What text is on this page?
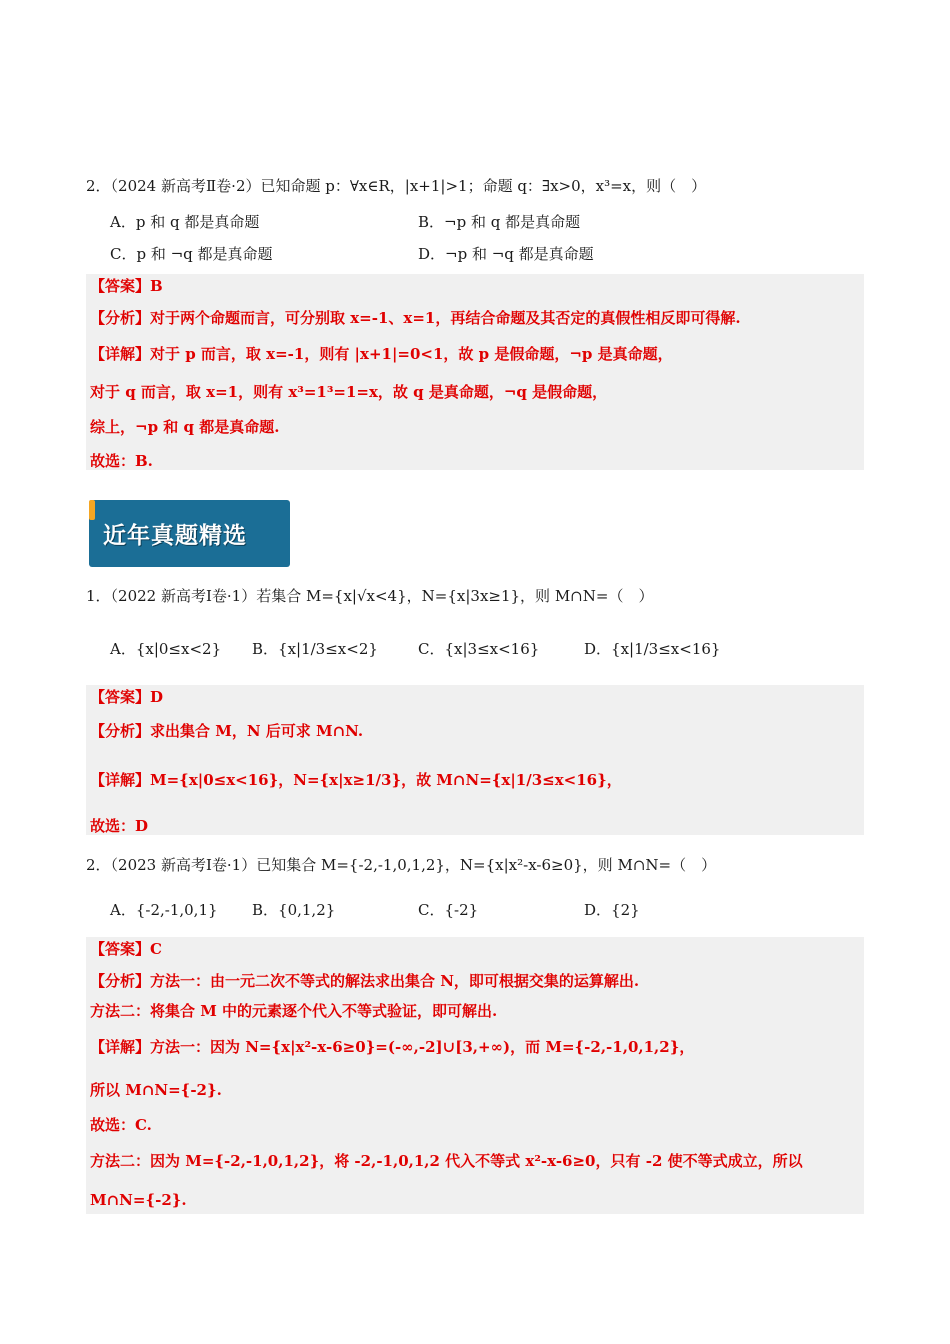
2．（2024 新高考Ⅱ卷·2）已知命题 p：∀x∈R，|x+1|>1；命题 q：∃x>0，x³=x，则（　）
A．p 和 q 都是真命题	B．¬p 和 q 都是真命题
C．p 和 ¬q 都是真命题	D．¬p 和 ¬q 都是真命题
【答案】B
【分析】对于两个命题而言，可分别取 x=-1、x=1，再结合命题及其否定的真假性相反即可得解.
【详解】对于 p 而言，取 x=-1，则有 |x+1|=0<1，故 p 是假命题，¬p 是真命题，
对于 q 而言，取 x=1，则有 x³=1³=1=x，故 q 是真命题，¬q 是假命题，
综上，¬p 和 q 都是真命题.
故选：B.
近年真题精选
1．（2022 新高考Ⅰ卷·1）若集合 M={x|√x<4}，N={x|3x≥1}，则 M∩N=（　）
A．{x|0≤x<2} B．{x|1/3≤x<2}	C．{x|3≤x<16}	D．{x|1/3≤x<16}
【答案】D
【分析】求出集合 M，N 后可求 M∩N.
【详解】M={x|0≤x<16}，N={x|x≥1/3}，故 M∩N={x|1/3≤x<16}，
故选：D
2．（2023 新高考Ⅰ卷·1）已知集合 M={-2,-1,0,1,2}，N={x|x²-x-6≥0}，则 M∩N=（　）
A．{-2,-1,0,1} B．{0,1,2}	C．{-2}	D．{2}
【答案】C
【分析】方法一：由一元二次不等式的解法求出集合 N，即可根据交集的运算解出.
方法二：将集合 M 中的元素逐个代入不等式验证，即可解出.
【详解】方法一：因为 N={x|x²-x-6≥0}=(-∞,-2]∪[3,+∞)，而 M={-2,-1,0,1,2}，
所以 M∩N={-2}.
故选：C.
方法二：因为 M={-2,-1,0,1,2}，将 -2,-1,0,1,2 代入不等式 x²-x-6≥0，只有 -2 使不等式成立，所以
M∩N={-2}.
